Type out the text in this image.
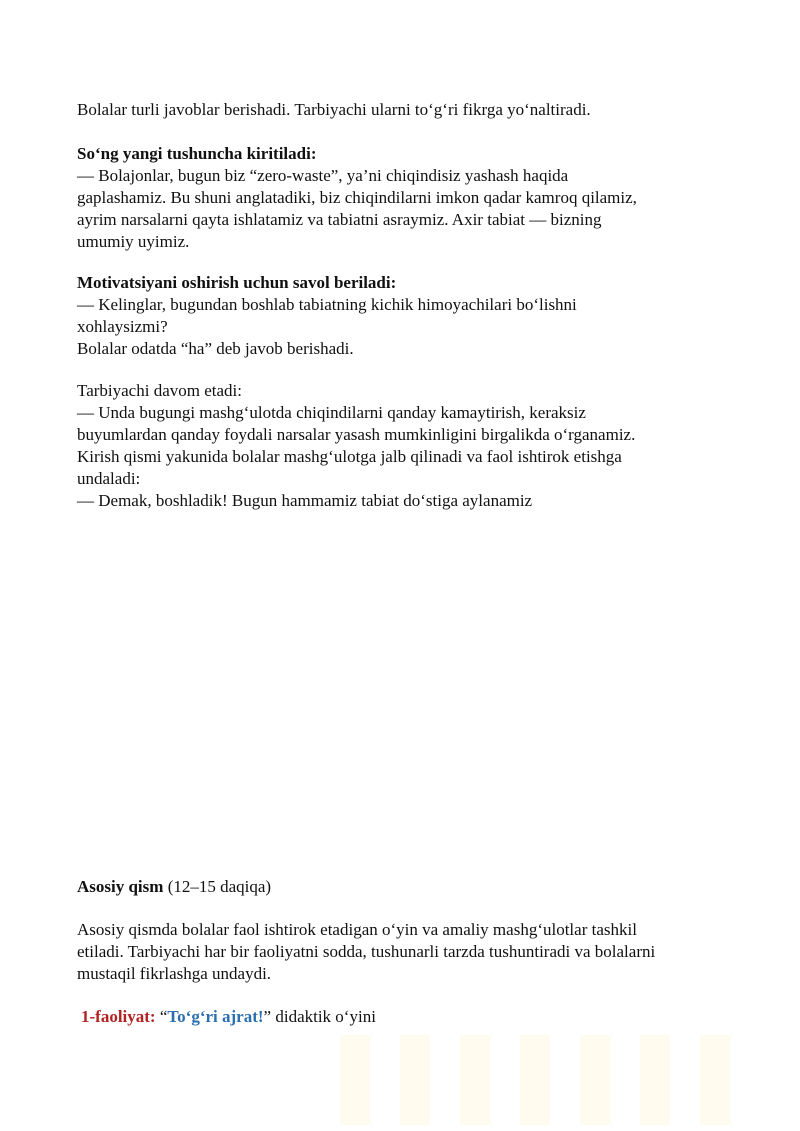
Bolalar turli javoblar berishadi. Tarbiyachi ularni to‘g‘ri fikrga yo‘naltiradi.
So‘ng yangi tushuncha kiritiladi:
— Bolajonlar, bugun biz “zero-waste”, ya’ni chiqindisiz yashash haqida
gaplashamiz. Bu shuni anglatadiki, biz chiqindilarni imkon qadar kamroq qilamiz,
ayrim narsalarni qayta ishlatamiz va tabiatni asraymiz. Axir tabiat — bizning
umumiy uyimiz.
Motivatsiyani oshirish uchun savol beriladi:
— Kelinglar, bugundan boshlab tabiatning kichik himoyachilari bo‘lishni
xohlaysizmi?
Bolalar odatda “ha” deb javob berishadi.
Tarbiyachi davom etadi:
— Unda bugungi mashg‘ulotda chiqindilarni qanday kamaytirish, keraksiz
buyumlardan qanday foydali narsalar yasash mumkinligini birgalikda o‘rganamiz.
Kirish qismi yakunida bolalar mashg‘ulotga jalb qilinadi va faol ishtirok etishga
undaladi:
— Demak, boshladik! Bugun hammamiz tabiat do‘stiga aylanamiz
Asosiy qism (12–15 daqiqa)
Asosiy qismda bolalar faol ishtirok etadigan o‘yin va amaliy mashg‘ulotlar tashkil
etiladi. Tarbiyachi har bir faoliyatni sodda, tushunarli tarzda tushuntiradi va bolalarni
mustaqil fikrlashga undaydi.
1-faoliyat: “To‘g‘ri ajrat!” didaktik o‘yini
